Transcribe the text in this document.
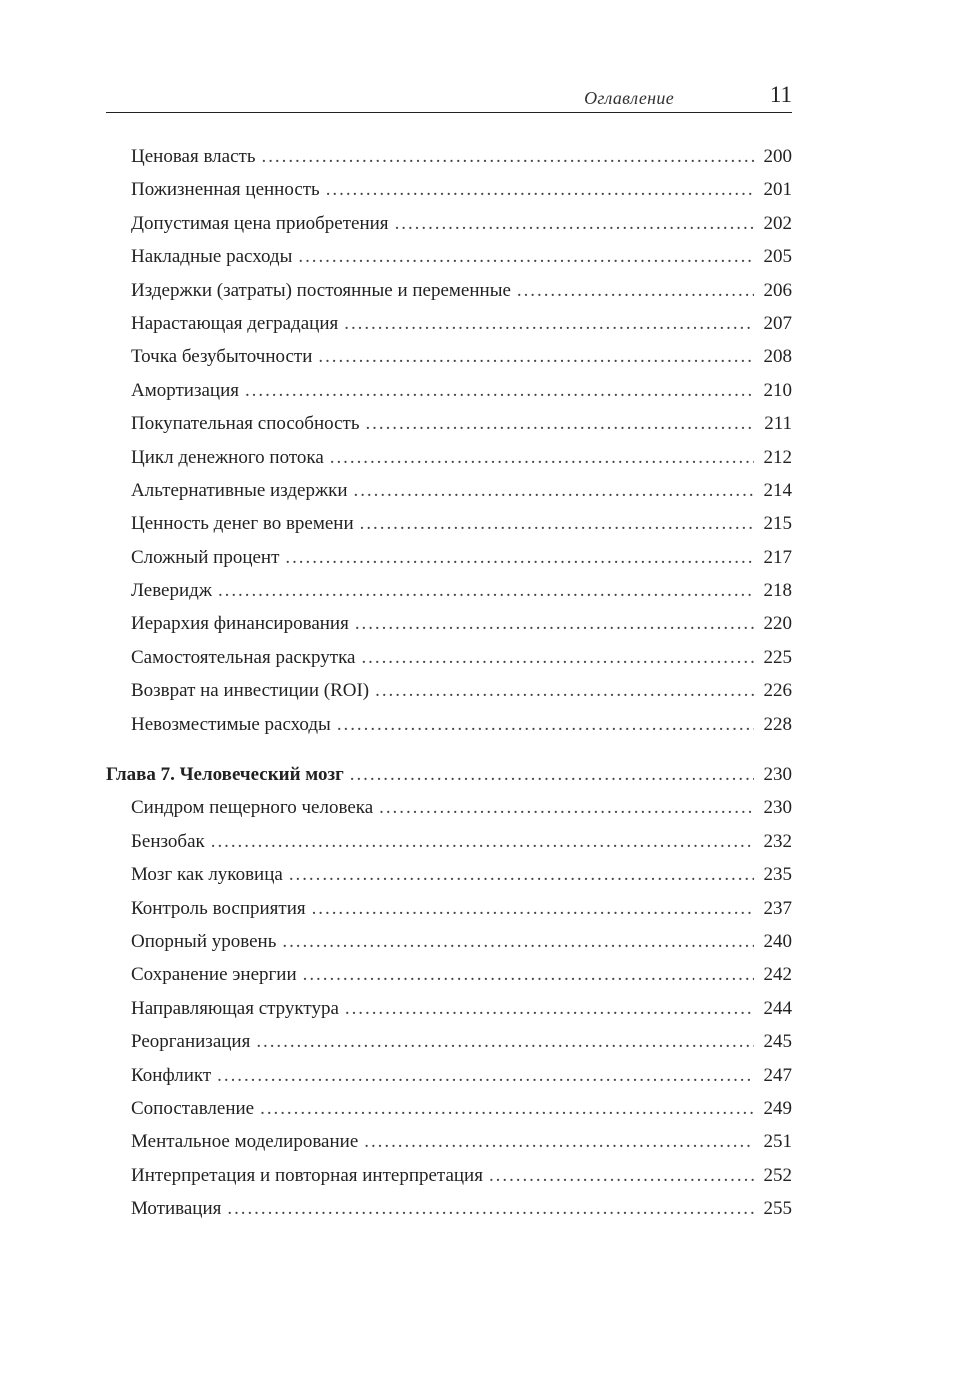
Оглавление	11
Ценовая власть . . .	200
Пожизненная ценность . . .	201
Допустимая цена приобретения . . .	202
Накладные расходы . . .	205
Издержки (затраты) постоянные и переменные . . .	206
Нарастающая деградация . . .	207
Точка безубыточности . . .	208
Амортизация . . .	210
Покупательная способность . . .	211
Цикл денежного потока . . .	212
Альтернативные издержки . . .	214
Ценность денег во времени . . .	215
Сложный процент . . .	217
Леверидж . . .	218
Иерархия финансирования . . .	220
Самостоятельная раскрутка . . .	225
Возврат на инвестиции (ROI) . . .	226
Невозместимые расходы . . .	228
Глава 7. Человеческий мозг . . .	230
Синдром пещерного человека . . .	230
Бензобак . . .	232
Мозг как луковица . . .	235
Контроль восприятия . . .	237
Опорный уровень . . .	240
Сохранение энергии . . .	242
Направляющая структура . . .	244
Реорганизация . . .	245
Конфликт . . .	247
Сопоставление . . .	249
Ментальное моделирование . . .	251
Интерпретация и повторная интерпретация . . .	252
Мотивация . . .	255
